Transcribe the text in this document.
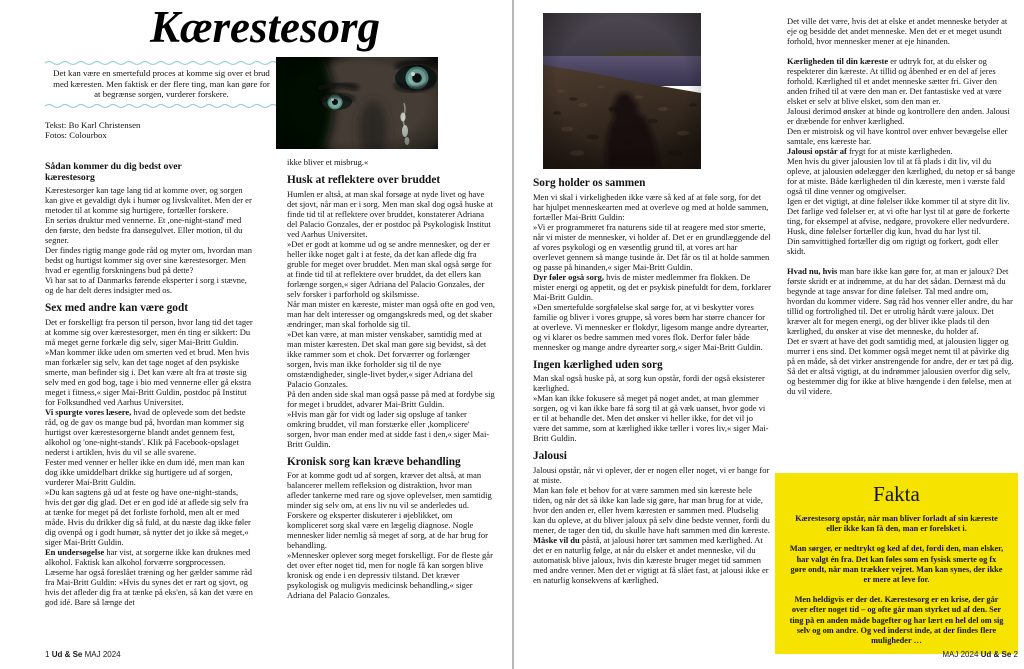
Kærestesorg
Det kan være en smertefuld proces at komme sig over et brud med kæresten. Men faktisk er der flere ting, man kan gøre for at begrænse sorgen, vurderer forskere.
Tekst: Bo Karl Christensen
Fotos: Colourbox
Sådan kommer du dig bedst over kærestesorg

Kærestesorger kan tage lang tid at komme over, og sorgen kan give et gevaldigt dyk i humør og livskvalitet. Men der er metoder til at komme sig hurtigere, fortæller forskere.

En seriøs druktur med vennerne. Et ,one-night-stand' med den første, den bedste fra dansegulvet. Eller motion, til du segner.

Der findes rigtig mange gode råd og myter om, hvordan man bedst og hurtigst kommer sig over sine kærestesorger. Men hvad er egentlig forskningens bud på dette?

Vi har sat to af Danmarks førende eksperter i sorg i stævne, og de har delt deres indsigter med os.

Sex med andre kan være godt

Det er forskelligt fra person til person, hvor lang tid det tager at komme sig over kærestesorger, men én ting er sikkert: Du må meget gerne forkæle dig selv, siger Mai-Britt Guldin.

»Man kommer ikke uden om smerten ved et brud. Men hvis man forkæler sig selv, kan det tage noget af den psykiske smerte, man befinder sig i. Det kan være alt fra at trøste sig selv med en god bog, tage i bio med vennerne eller gå ekstra meget i fitness,« siger Mai-Britt Guldin, postdoc på Institut for Folksundhed ved Aarhus Universitet.

Vi spurgte vores læsere, hvad de oplevede som det bedste råd, og de gav os mange bud på, hvordan man kommer sig hurtigst over kærestesorgerne blandt andet gennem fest, alkohol og 'one-night-stands'. Klik på Facebook-opslaget nederst i artiklen, hvis du vil se alle svarene.

Fester med venner er heller ikke en dum idé, men man kan dog ikke umiddelbart drikke sig hurtigere ud af sorgen, vurderer Mai-Britt Guldin.

»Du kan sagtens gå ud at feste og have one-night-stands, hvis det gør dig glad. Det er en god idé at aflede sig selv fra at tænke for meget på det forliste forhold, men alt er med måde. Hvis du drikker dig så fuld, at du næste dag ikke føler dig ovenpå og i godt humør, så nytter det jo ikke så meget,« siger Mai-Britt Guldin.

En undersøgelse har vist, at sorgerne ikke kan druknes med alkohol. Faktisk kan alkohol forværre sorgprocessen.

Læserne har også foreslået træning og her gælder samme råd fra Mai-Britt Guldin: »Hvis du synes det er rart og sjovt, og hvis det afleder dig fra at tænke på eks'en, så kan det være en god idé. Bare så længe det

ikke bliver et misbrug.«

Husk at reflektere over bruddet

Humlen er altså, at man skal forsøge at nyde livet og have det sjovt, når man er i sorg. Men man skal dog også huske at finde tid til at reflektere over bruddet, konstaterer Adriana del Palacio Gonzales, der er postdoc på Psykologisk Institut ved Aarhus Universitet.

»Det er godt at komme ud og se andre mennesker, og der er heller ikke noget galt i at feste, da det kan aflede dig fra gruble for meget over bruddet. Men man skal også sørge for at finde tid til at reflektere over bruddet, da det ellers kan forlænge sorgen,« siger Adriana del Palacio Gonzales, der selv forsker i parforhold og skilsmisse.

Når man mister en kæreste, mister man også ofte en god ven, man har delt interesser og omgangskreds med, og det skaber ændringer, man skal forholde sig til.

»Det kan være, at man mister venskaber, samtidig med at man mister kæresten. Det skal man gøre sig bevidst, så det ikke rammer som et chok. Det forværrer og forlænger sorgen, hvis man ikke forholder sig til de nye omstændigheder, single-livet byder,« siger Adriana del Palacio Gonzales.

På den anden side skal man også passe på med at fordybe sig for meget i bruddet, advarer Mai-Britt Guldin.

»Hvis man går for vidt og lader sig opsluge af tanker omkring bruddet, vil man forstærke eller ,komplicere' sorgen, hvor man ender med at sidde fast i den,« siger Mai-Britt Guldin.

Kronisk sorg kan kræve behandling

For at komme godt ud af sorgen, kræver det altså, at man balancerer mellem refleksion og distraktion, hvor man afleder tankerne med rare og sjove oplevelser, men samtidig minder sig selv om, at ens liv nu vil se anderledes ud.

Forskere og eksperter diskuterer i øjeblikket, om kompliceret sorg skal være en lægelig diagnose. Nogle mennesker lider nemlig så meget af sorg, at de har brug for behandling.

»Mennesker oplever sorg meget forskelligt. For de fleste går det over efter noget tid, men for nogle få kan sorgen blive kronisk og ende i en depressiv tilstand. Det kræver psykologisk og muligvis medicinsk behandling,« siger Adriana del Palacio Gonzales.

1 Ud & Se MAJ 2024
Sorg holder os sammen

Men vi skal i virkeligheden ikke være så ked af at føle sorg, for det har hjulpet menneskearten med at overleve og med at holde sammen,

fortæller Mai-Britt Guldin:

»Vi er programmeret fra naturens side til at reagere med stor smerte, når vi mister de mennesker, vi holder af. Det er en grundlæggende del af vores psykologi og en væsentlig grund til, at vores art har overlevet gennem så mange tusinde år. Det får os til at holde sammen og passe på hinanden,« siger Mai-Britt Guldin.

Dyr føler også sorg, hvis de mister medlemmer fra flokken. De mister energi og appetit, og det er psykisk pinefuldt for dem, forklarer Mai-Britt Guldin.

»Den smertefulde sorgfølelse skal sørge for, at vi beskytter vores familie og bliver i vores gruppe, så vores børn har større chancer for at overleve. Vi mennesker er flokdyr, ligesom mange andre dyrearter, og vi klarer os bedre sammen med vores flok. Derfor føler både mennesker og mange andre dyrearter sorg,« siger Mai-Britt Guldin.

Ingen kærlighed uden sorg

Man skal også huske på, at sorg kun opstår, fordi der også eksisterer kærlighed.

»Man kan ikke fokusere så meget på noget andet, at man glemmer sorgen, og vi kan ikke bare få sorg til at gå væk uanset, hvor gode vi er til at behandle det. Men det ønsker vi heller ikke, for det vil jo være det samme, som at kærlighed ikke tæller i vores liv,« siger Mai-Britt Guldin.

Jalousi

Jalousi opstår, når vi oplever, der er nogen eller noget, vi er bange for at miste.

Man kan føle et behov for at være sammen med sin kæreste hele tiden, og når det så ikke kan lade sig gøre, har man brug for at vide, hvor den anden er, eller hvem kæresten er sammen med. Pludselig kan du opleve, at du bliver jaloux på selv dine bedste venner, fordi du mener, de tager den tid, du skulle have haft sammen med din kæreste.

Måske vil du påstå, at jalousi hører tæt sammen med kærlighed. At det er en naturlig følge, at når du elsker et andet menneske, vil du automatisk blive jaloux, hvis din kæreste bruger meget tid sammen med andre venner. Men det er vigtigt at få slået fast, at jalousi ikke er en naturlig konsekvens af kærlighed.

Det ville det være, hvis det at elske et andet menneske betyder at eje og besidde det andet menneske. Men det er et meget usundt forhold, hvor mennesker mener at eje hinanden.

Kærligheden til din kæreste er udtryk for, at du elsker og respekterer din kæreste. At tillid og åbenhed er en del af jeres forhold. Kærlighed til et andet menneske sætter fri. Giver den anden frihed til at være den man er. Det fantastiske ved at være elsket er selv at blive elsket, som den man er.

Jalousi derimod ønsker at binde og kontrollere den anden. Jalousi er dræbende for enhver kærlighed.

Den er mistroisk og vil have kontrol over enhver bevægelse eller samtale, ens kæreste har.

Jalousi opstår af frygt for at miste kærligheden.

Men hvis du giver jalousien lov til at få plads i dit liv, vil du opleve, at jalousien ødelægger den kærlighed, du netop er så bange for at miste. Både kærligheden til din kæreste, men i værste fald også til dine venner og omgivelser.

Igen er det vigtigt, at dine følelser ikke kommer til at styre dit liv. Det farlige ved følelser er, at vi ofte har lyst til at gøre de forkerte ting, for eksempel at afvise, nedgøre, provokere eller nedvurdere.

Husk, dine følelser fortæller dig kun, hvad du har lyst til.

Din samvittighed fortæller dig om rigtigt og forkert, godt eller skidt.

Hvad nu, hvis man bare ikke kan gøre for, at man er jaloux? Det første skridt er at indrømme, at du har det sådan. Dernæst må du begynde at tage ansvar for dine følelser. Tal med andre om, hvordan du kommer videre. Søg råd hos venner eller andre, du har tillid og fortrolighed til. Det er utrolig hårdt være jaloux. Det kræver alt for megen energi, og der bliver ikke plads til den kærlighed, du ønsker at vise det menneske, du holder af.

Det er svært at have det godt samtidig med, at jalousien ligger og murrer i ens sind. Det kommer også meget nemt til at påvirke dig på en måde, så det virker anstrengende for andre, der er tæt på dig. Så det er altså vigtigt, at du indrømmer jalousien overfor dig selv, og bestemmer dig for ikke at blive hængende i den følelse, men at du vil videre.

Fakta

Kærestesorg opstår, når man bliver forladt af sin kæreste eller ikke kan få den, man er forelsket i.

Man sørger, er nedtrykt og ked af det, fordi den, man elsker, har valgt én fra. Det kan føles som en fysisk smerte og fx gøre ondt, når man trækker vejret. Man kan synes, der ikke er mere at leve for.

Men heldigvis er der det. Kærestesorg er en krise, der går over efter noget tid – og ofte går man styrket ud af den. Ser ting på en anden måde bagefter og har lært en hel del om sig selv og om andre. Og ved inderst inde, at der findes flere muligheder …

MAJ 2024 Ud & Se 2
